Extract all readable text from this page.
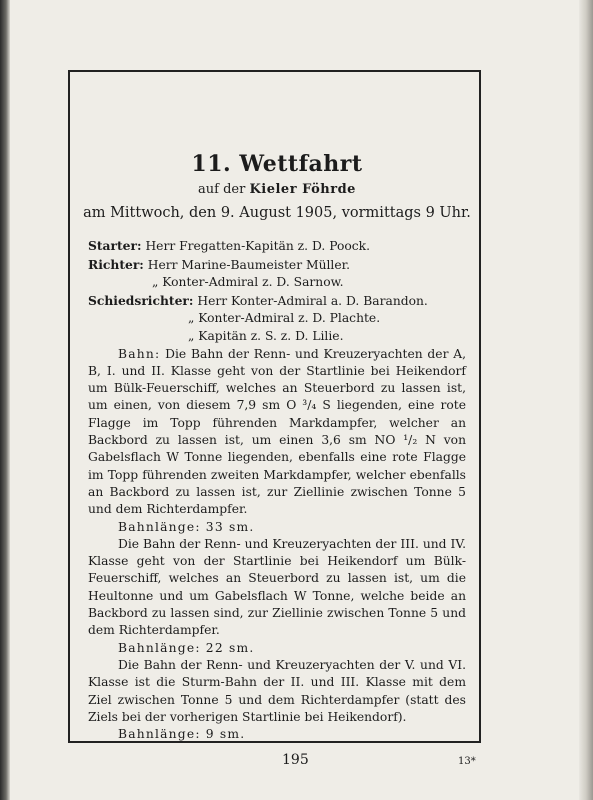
11. Wettfahrt
auf der Kieler Föhrde
am Mittwoch, den 9. August 1905, vormittags 9 Uhr.
Starter: Herr Fregatten-Kapitän z. D. Poock.
Richter: Herr Marine-Baumeister Müller.
„ Konter-Admiral z. D. Sarnow.
Schiedsrichter: Herr Konter-Admiral a. D. Barandon.
„ Konter-Admiral z. D. Plachte.
„ Kapitän z. S. z. D. Lilie.

Bahn: Die Bahn der Renn- und Kreuzeryachten der A, B, I. und II. Klasse geht von der Startlinie bei Heikendorf um Bülk-Feuerschiff, welches an Steuerbord zu lassen ist, um einen, von diesem 7,9 sm O ³/₄ S liegenden, eine rote Flagge im Topp führenden Markdampfer, welcher an Backbord zu lassen ist, um einen 3,6 sm NO ¹/₂ N von Gabelsflach W Tonne liegenden, ebenfalls eine rote Flagge im Topp führenden zweiten Markdampfer, welcher ebenfalls an Backbord zu lassen ist, zur Ziellinie zwischen Tonne 5 und dem Richterdampfer.

Bahnlänge: 33 sm.

Die Bahn der Renn- und Kreuzeryachten der III. und IV. Klasse geht von der Startlinie bei Heikendorf um Bülk-Feuerschiff, welches an Steuerbord zu lassen ist, um die Heultonne und um Gabelsflach W Tonne, welche beide an Backbord zu lassen sind, zur Ziellinie zwischen Tonne 5 und dem Richterdampfer.

Bahnlänge: 22 sm.

Die Bahn der Renn- und Kreuzeryachten der V. und VI. Klasse ist die Sturm-Bahn der II. und III. Klasse mit dem Ziel zwischen Tonne 5 und dem Richterdampfer (statt des Ziels bei der vorherigen Startlinie bei Heikendorf).

Bahnlänge: 9 sm.
195	13*
